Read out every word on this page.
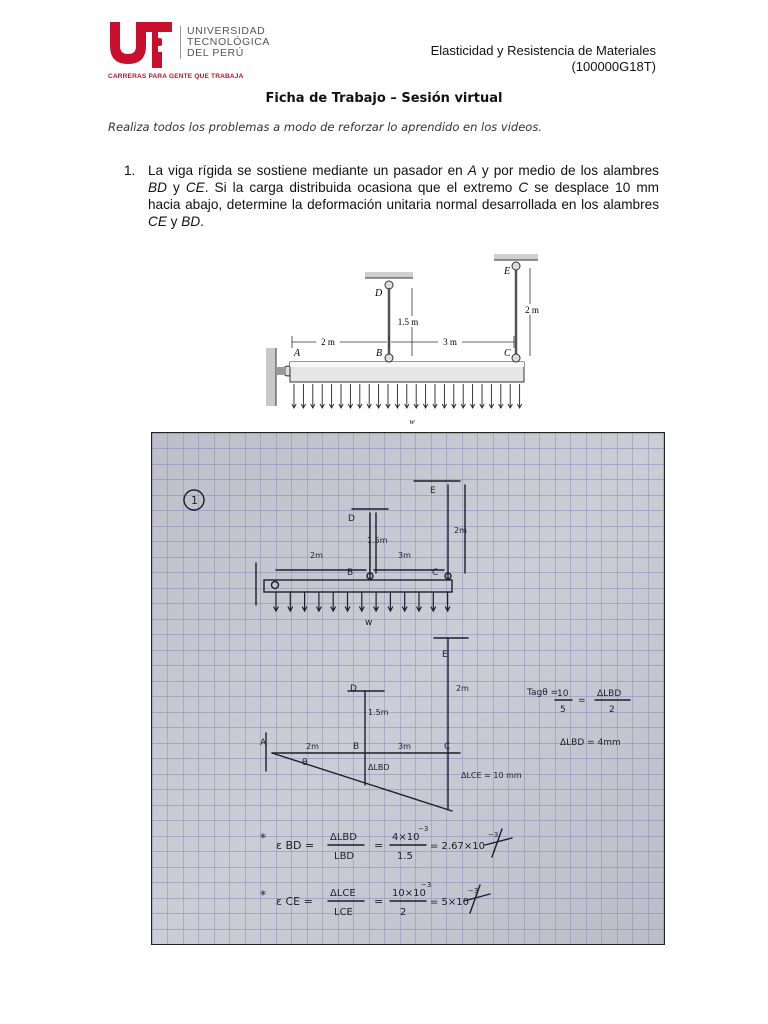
UNIVERSIDAD
TECNOLÓGICA
DEL PERÚ
CARRERAS PARA GENTE QUE TRABAJA
Elasticidad y Resistencia de Materiales
(100000G18T)
Ficha de Trabajo – Sesión virtual
Realiza todos los problemas a modo de reforzar lo aprendido en los videos.
1. La viga rígida se sostiene mediante un pasador en A y por medio de los alambres BD y CE. Si la carga distribuida ocasiona que el extremo C se desplace 10 mm hacia abajo, determine la deformación unitaria normal desarrollada en los alambres CE y BD.
2 m	3 m
1.5 m
2 m
A	B	C
D
E
w
1
E
D
B	C
w
1.5m
2m	3m
2m
E
D
B	C
A
θ
2m
1.5m
2m	3m
ΔLBD
ΔLCE = 10 mm
Tagθ =
10
5
=
ΔLBD
2
ΔLBD = 4mm
*
ε BD =
ΔLBD
LBD
=
4×10
−3
1.5
= 2.67×10
−3
* ε CE =
ΔLCE
LCE
=
10×10
−3
2
= 5×10
−3
